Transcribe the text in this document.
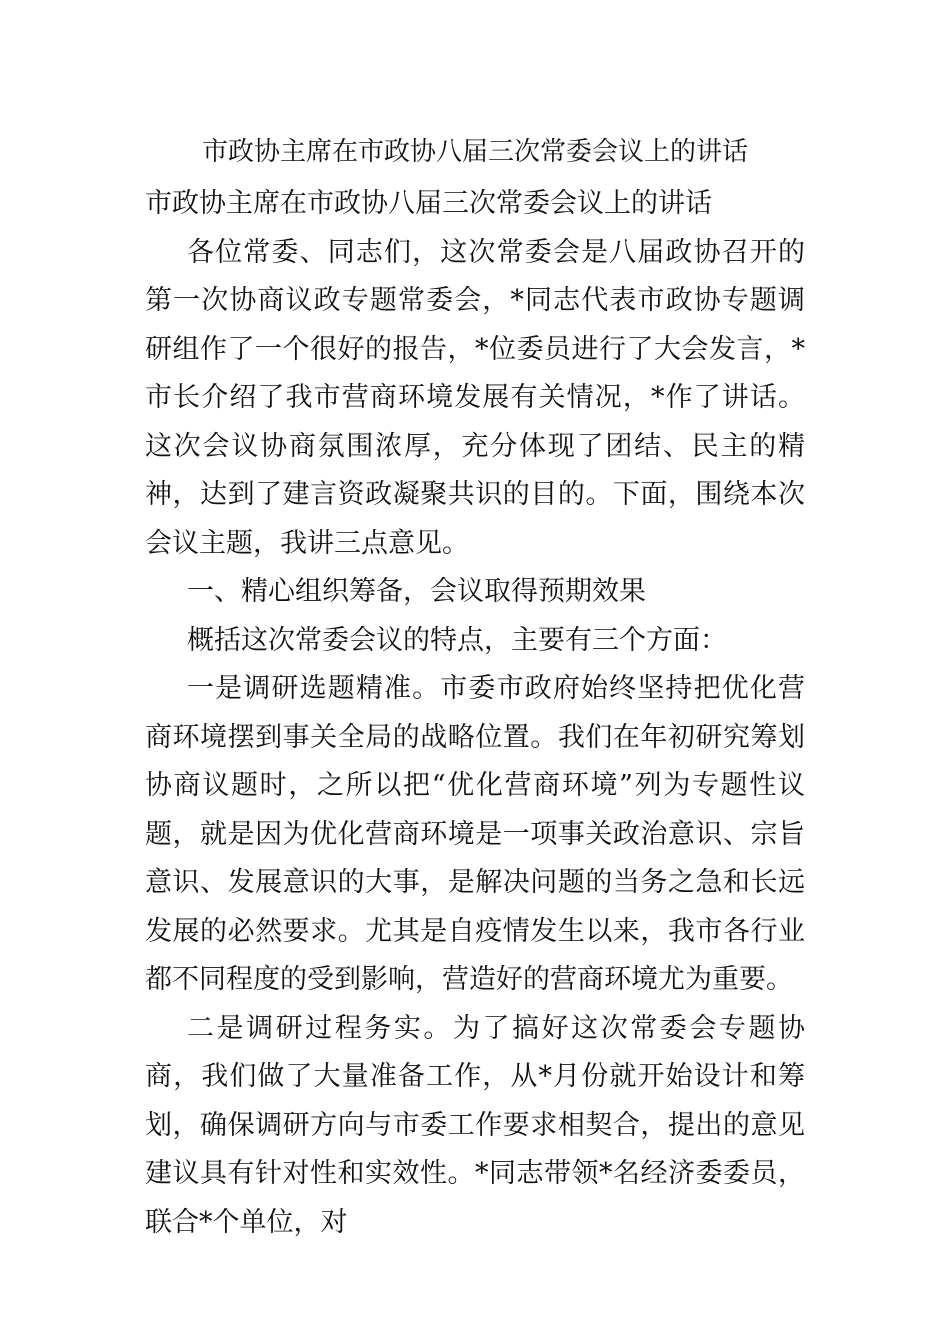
市政协主席在市政协八届三次常委会议上的讲话

市政协主席在市政协八届三次常委会议上的讲话

各位常委、同志们，这次常委会是八届政协召开的第一次协商议政专题常委会，*同志代表市政协专题调研组作了一个很好的报告，*位委员进行了大会发言，*市长介绍了我市营商环境发展有关情况，*作了讲话。这次会议协商氛围浓厚，充分体现了团结、民主的精神，达到了建言资政凝聚共识的目的。下面，围绕本次会议主题，我讲三点意见。

一、精心组织筹备，会议取得预期效果

概括这次常委会议的特点，主要有三个方面：

一是调研选题精准。市委市政府始终坚持把优化营商环境摆到事关全局的战略位置。我们在年初研究筹划协商议题时，之所以把“优化营商环境”列为专题性议题，就是因为优化营商环境是一项事关政治意识、宗旨意识、发展意识的大事，是解决问题的当务之急和长远发展的必然要求。尤其是自疫情发生以来，我市各行业都不同程度的受到影响，营造好的营商环境尤为重要。

二是调研过程务实。为了搞好这次常委会专题协商，我们做了大量准备工作，从*月份就开始设计和筹划，确保调研方向与市委工作要求相契合，提出的意见建议具有针对性和实效性。*同志带领*名经济委委员，联合*个单位，对
